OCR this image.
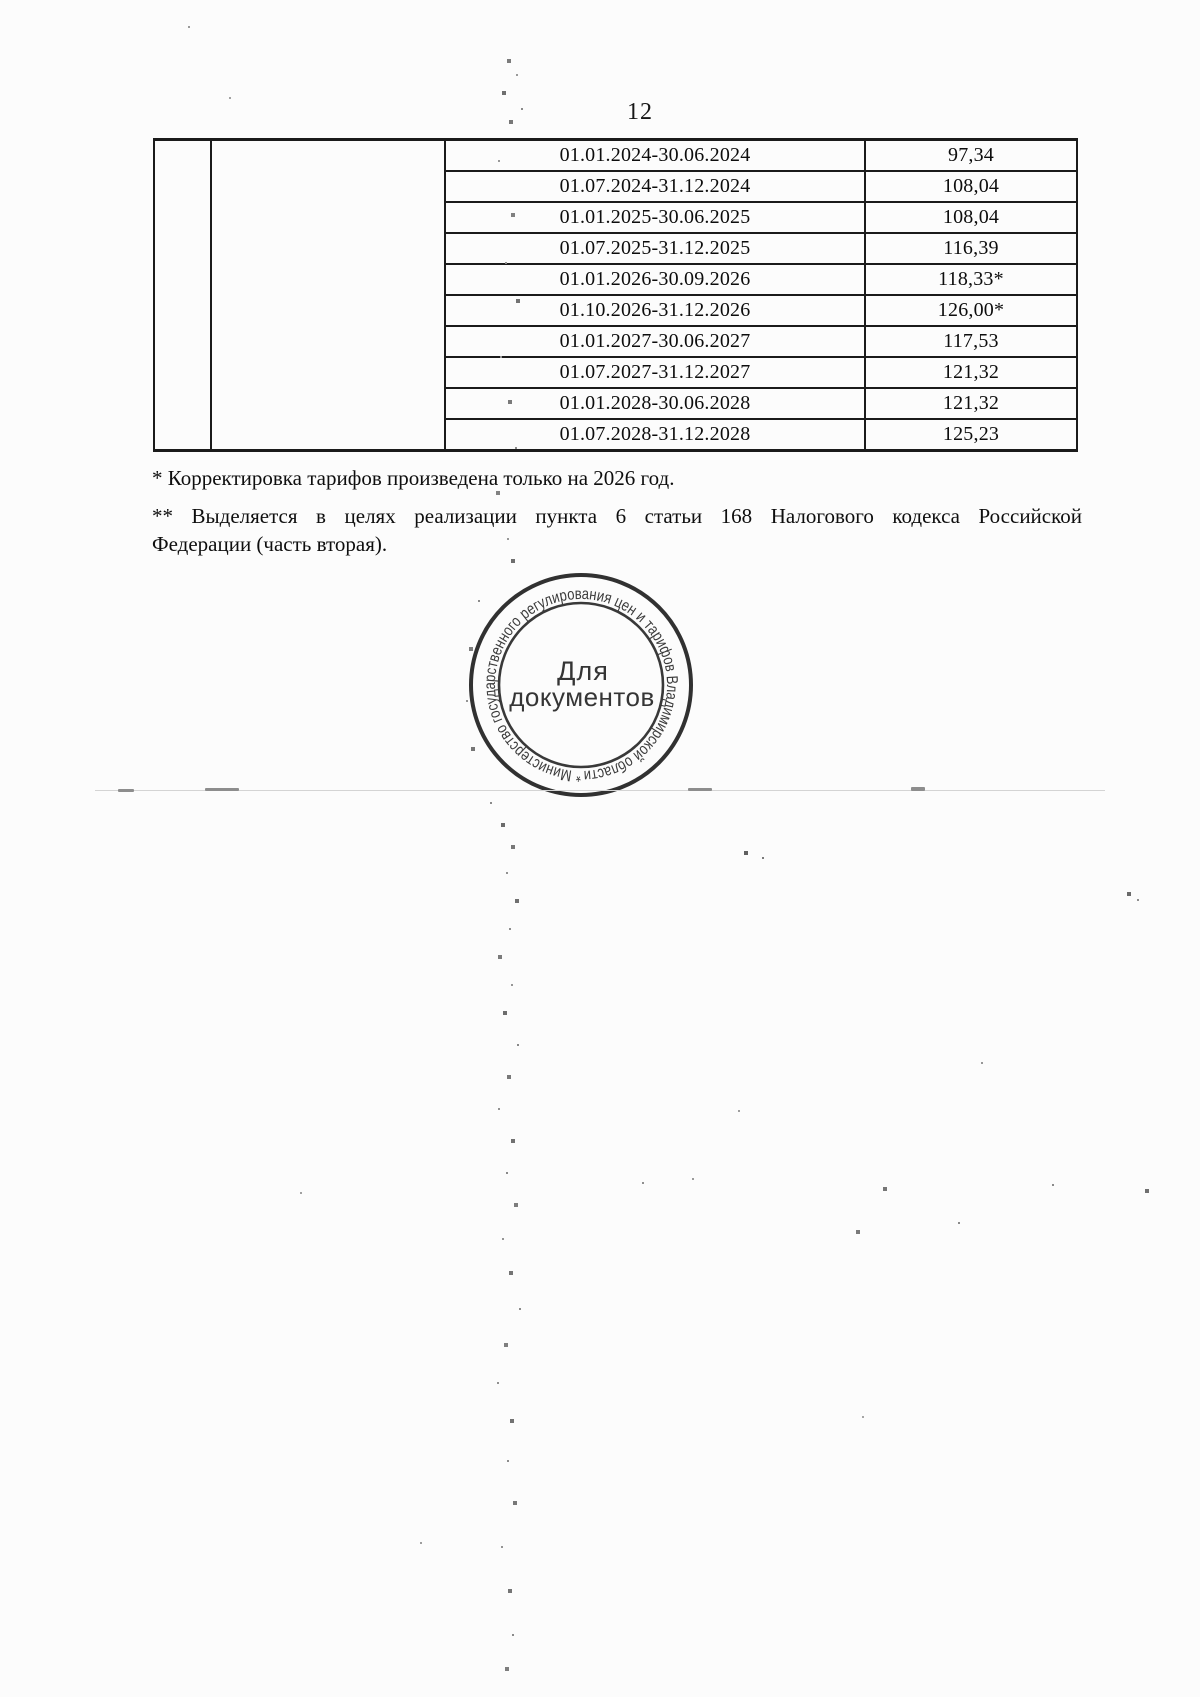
12
01.01.2024-30.06.2024	97,34
01.07.2024-31.12.2024	108,04
01.01.2025-30.06.2025	108,04
01.07.2025-31.12.2025	116,39
01.01.2026-30.09.2026	118,33*
01.10.2026-31.12.2026	126,00*
01.01.2027-30.06.2027	117,53
01.07.2027-31.12.2027	121,32
01.01.2028-30.06.2028	121,32
01.07.2028-31.12.2028	125,23
* Корректировка тарифов произведена только на 2026 год.
** Выделяется в целях реализации пункта 6 статьи 168 Налогового кодекса Российской
Федерации (часть вторая).
* Министерство государственного регулирования цен и тарифов Владимирской области
Для
документов
